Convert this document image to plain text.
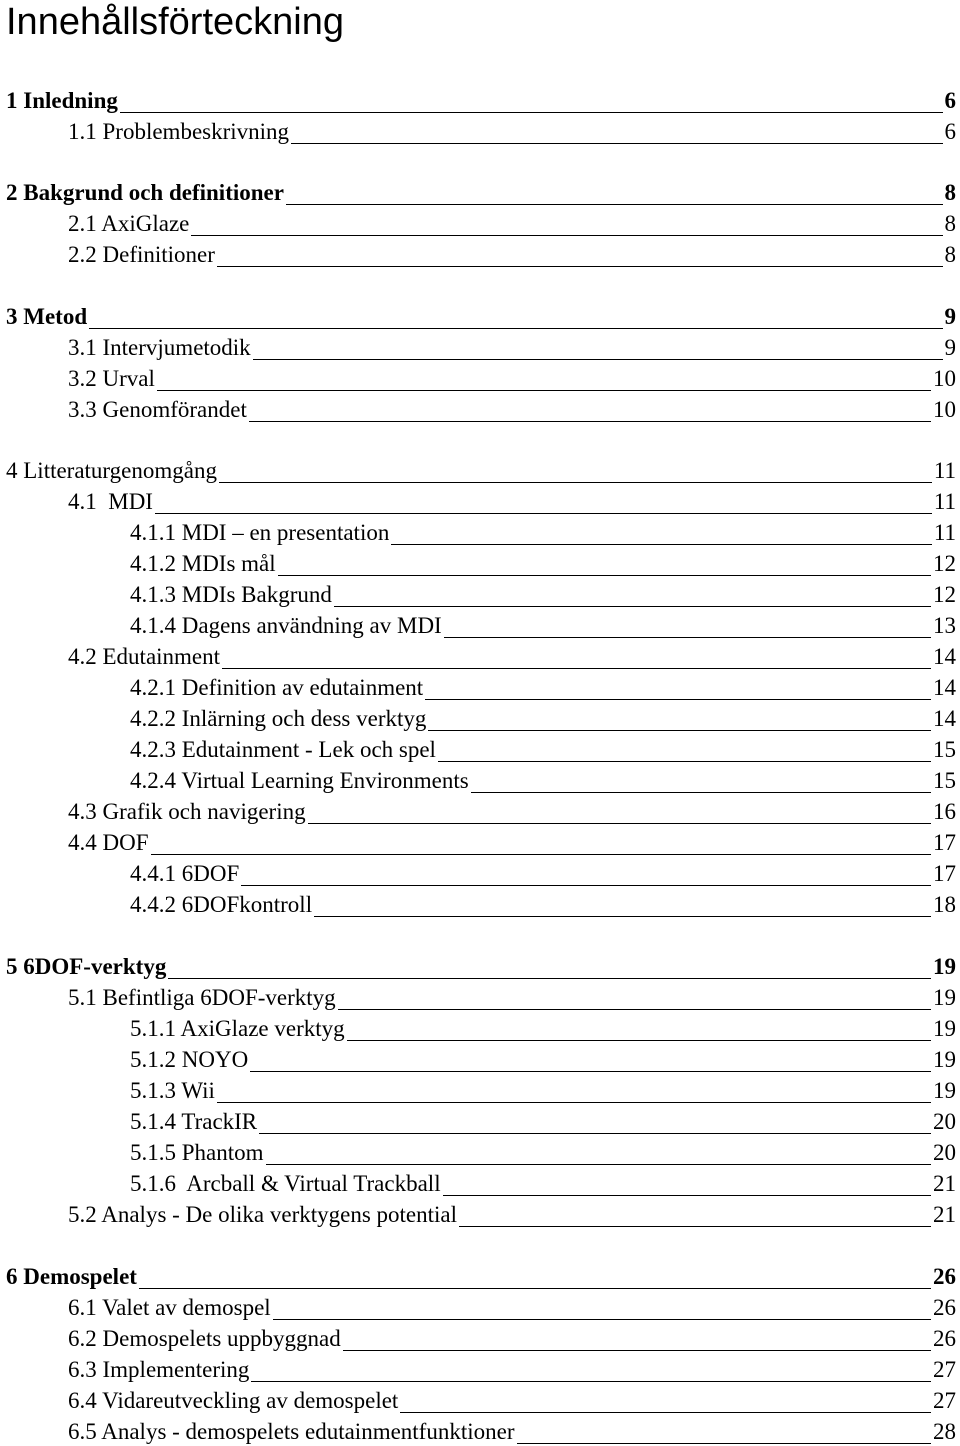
Innehållsförteckning
1 Inledning	6
1.1 Problembeskrivning	6
2 Bakgrund och definitioner	8
2.1 AxiGlaze	8
2.2 Definitioner	8
3 Metod	9
3.1 Intervjumetodik	9
3.2 Urval	10
3.3 Genomförandet	10
4 Litteraturgenomgång	11
4.1  MDI	11
4.1.1 MDI – en presentation	11
4.1.2 MDIs mål	12
4.1.3 MDIs Bakgrund	12
4.1.4 Dagens användning av MDI	13
4.2 Edutainment	14
4.2.1 Definition av edutainment	14
4.2.2 Inlärning och dess verktyg	14
4.2.3 Edutainment - Lek och spel	15
4.2.4 Virtual Learning Environments	15
4.3 Grafik och navigering	16
4.4 DOF	17
4.4.1 6DOF	17
4.4.2 6DOFkontroll	18
5 6DOF-verktyg	19
5.1 Befintliga 6DOF-verktyg	19
5.1.1 AxiGlaze verktyg	19
5.1.2 NOYO	19
5.1.3 Wii	19
5.1.4 TrackIR	20
5.1.5 Phantom	20
5.1.6  Arcball & Virtual Trackball	21
5.2 Analys - De olika verktygens potential	21
6 Demospelet	26
6.1 Valet av demospel	26
6.2 Demospelets uppbyggnad	26
6.3 Implementering	27
6.4 Vidareutveckling av demospelet	27
6.5 Analys - demospelets edutainmentfunktioner	28
